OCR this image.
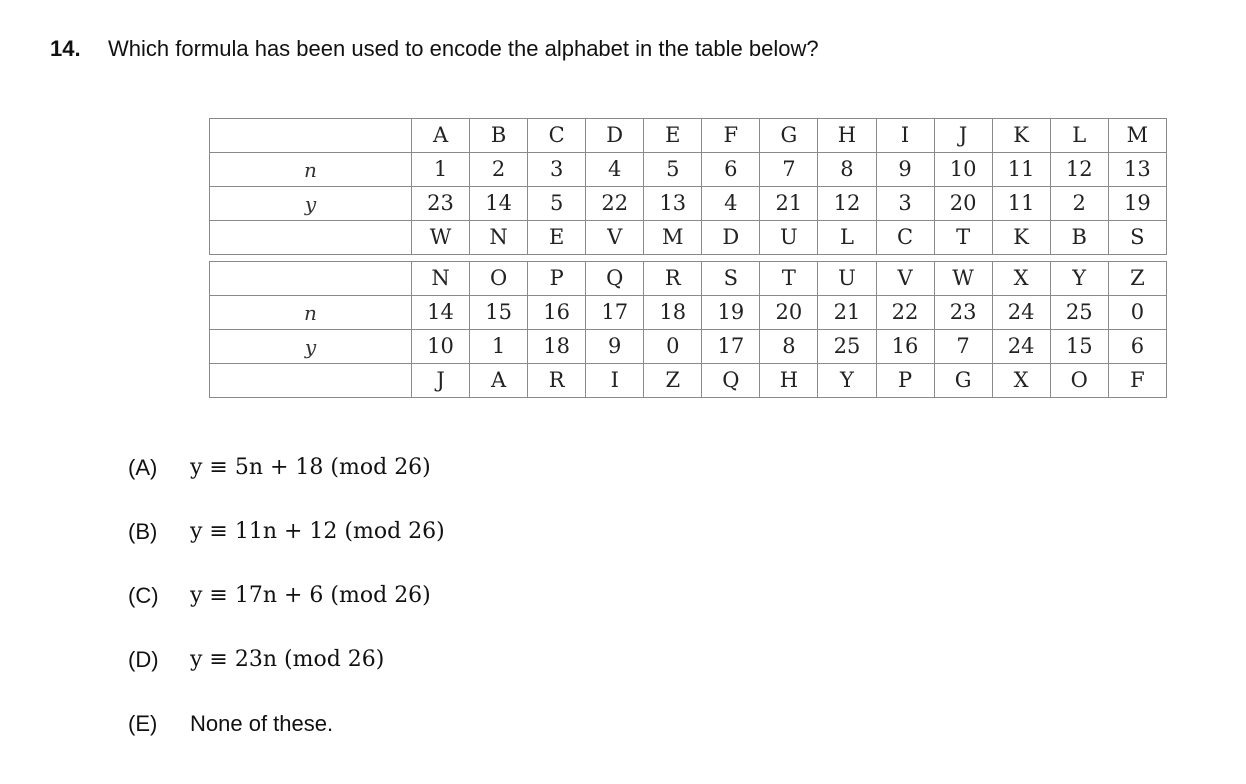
14. Which formula has been used to encode the alphabet in the table below?
	A	B	C	D	E	F	G	H	I	J	K	L	M
n	1	2	3	4	5	6	7	8	9	10	11	12	13
y	23	14	5	22	13	4	21	12	3	20	11	2	19
	W	N	E	V	M	D	U	L	C	T	K	B	S
	N	O	P	Q	R	S	T	U	V	W	X	Y	Z
n	14	15	16	17	18	19	20	21	22	23	24	25	0
y	10	1	18	9	0	17	8	25	16	7	24	15	6
	J	A	R	I	Z	Q	H	Y	P	G	X	O	F
(A)	y ≡ 5n + 18 (mod 26)
(B)	y ≡ 11n + 12 (mod 26)
(C)	y ≡ 17n + 6 (mod 26)
(D)	y ≡ 23n (mod 26)
(E)	None of these.
